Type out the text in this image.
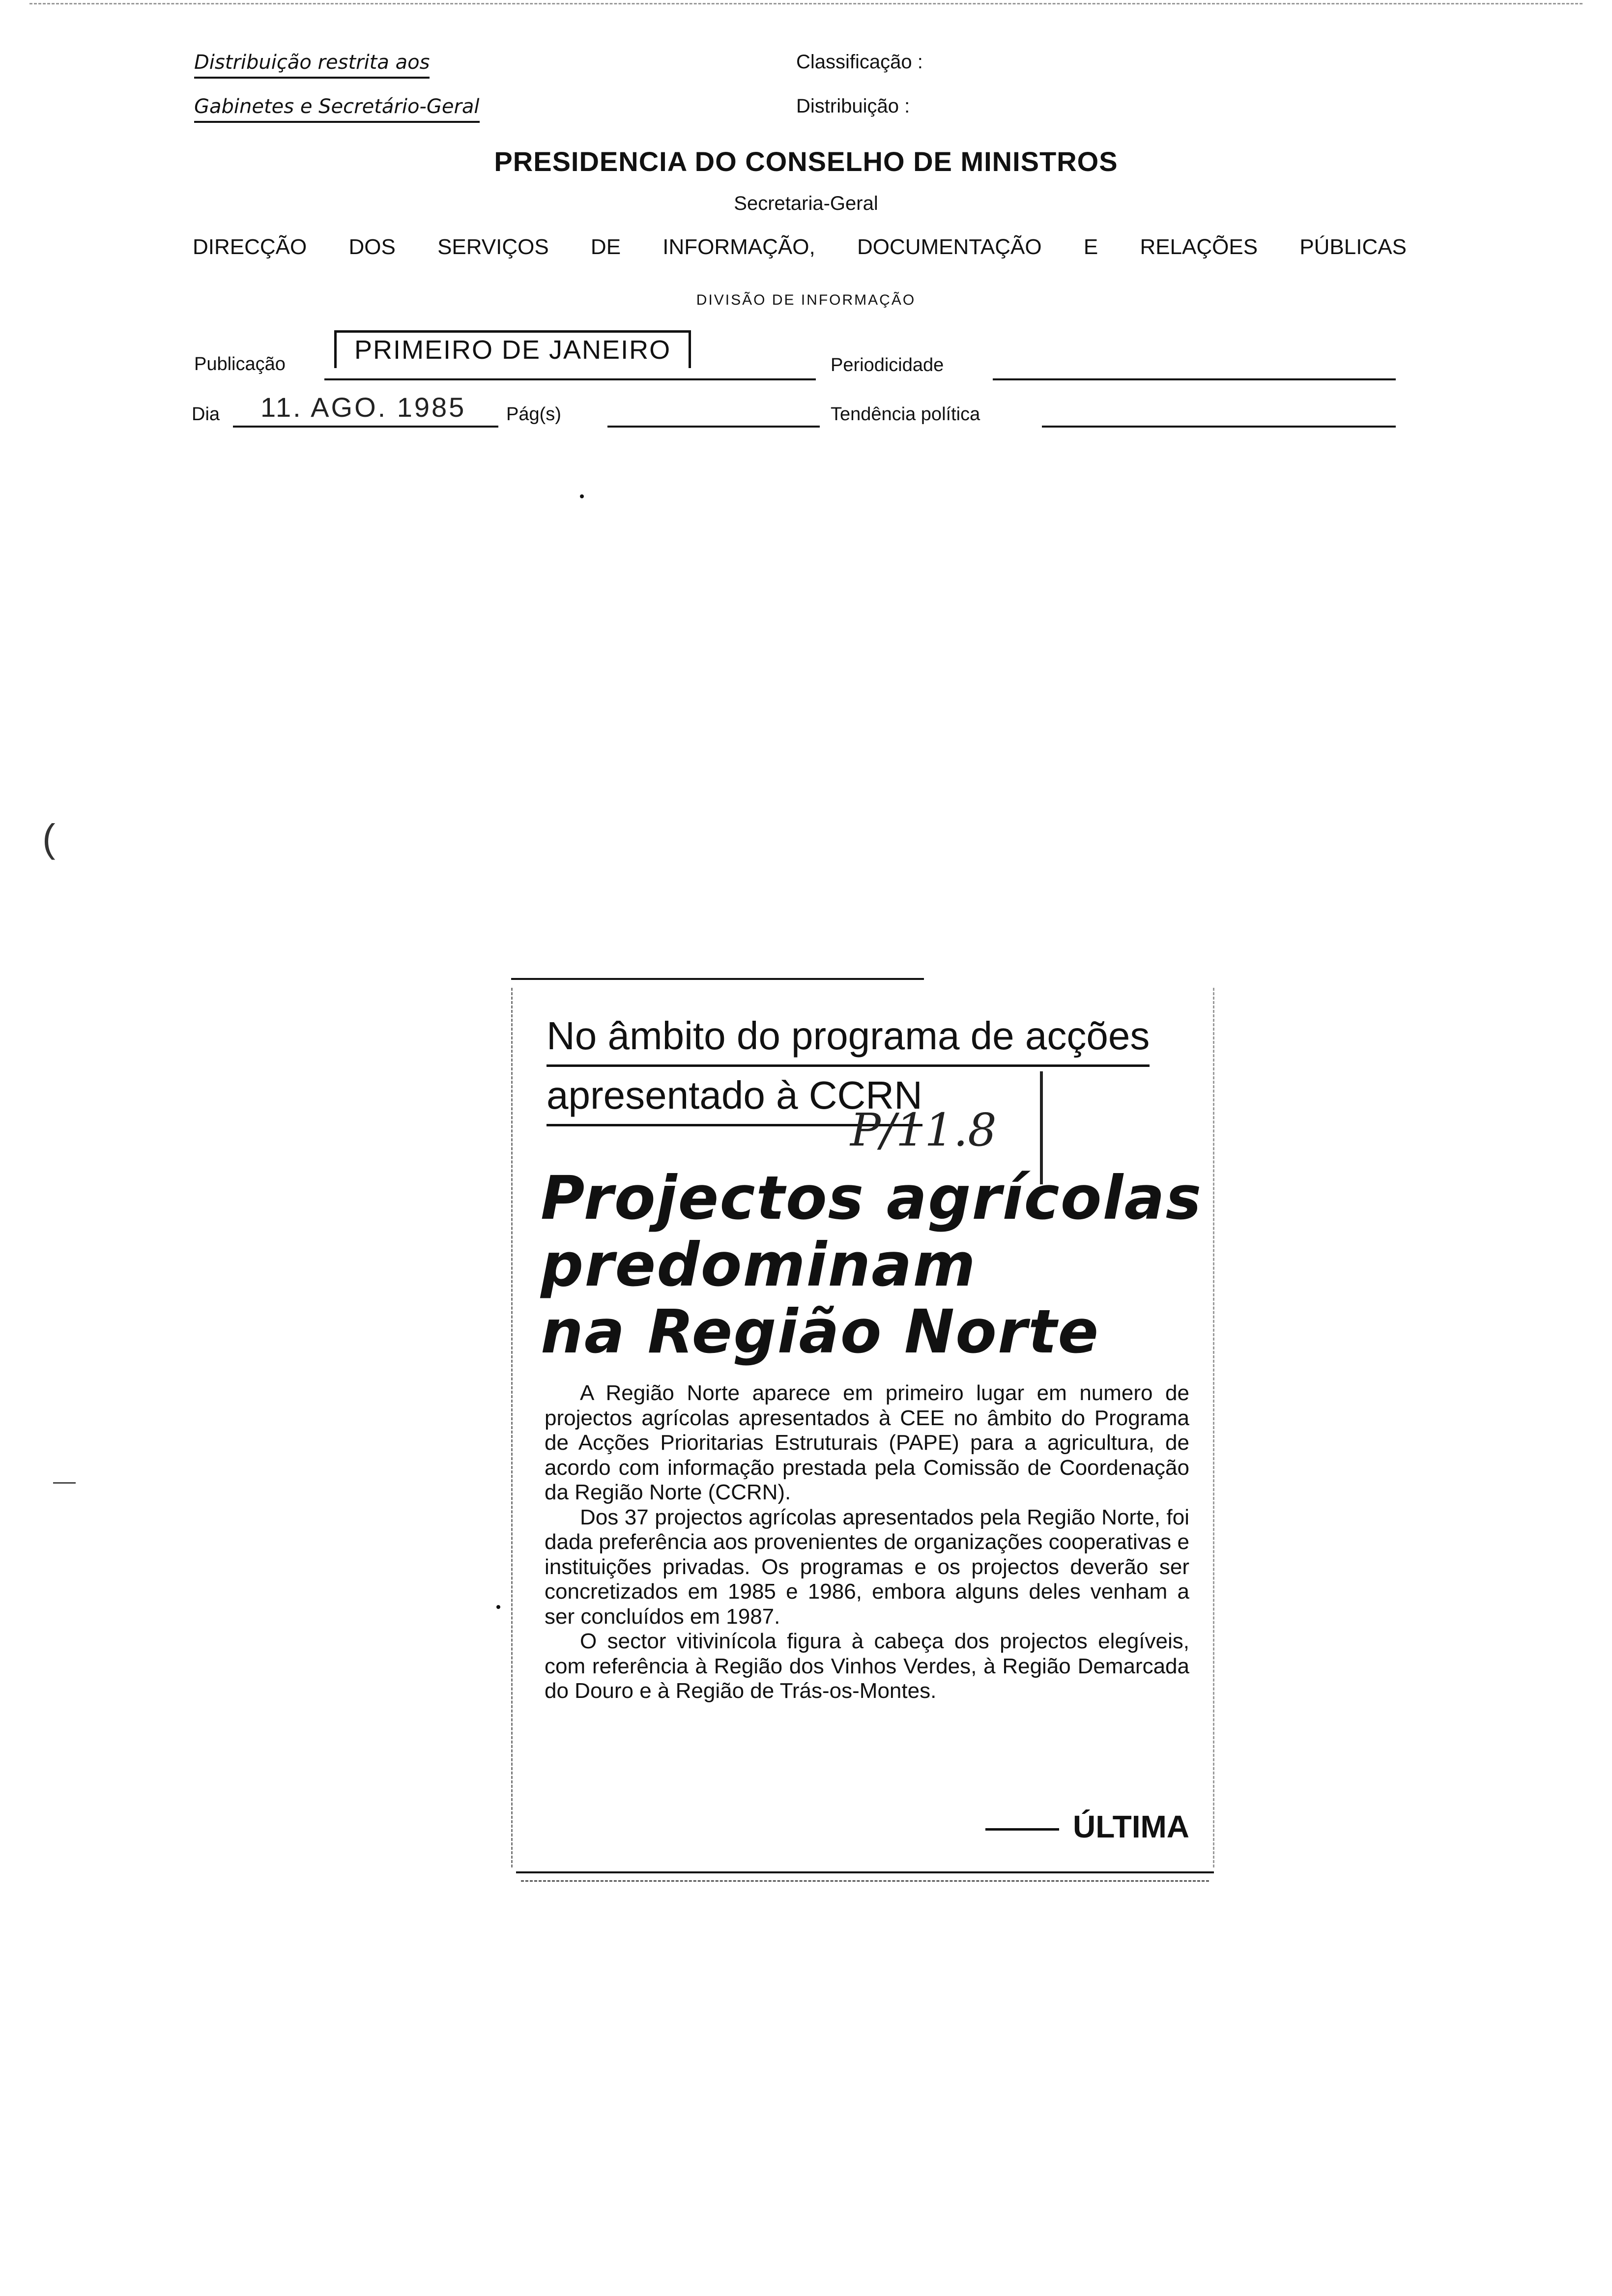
Distribuição restrita aos
Gabinetes e Secretário-Geral
Classificação :
Distribuição :
PRESIDENCIA DO CONSELHO DE MINISTROS
Secretaria-Geral
DIRECÇÃO DOS SERVIÇOS DE INFORMAÇÃO, DOCUMENTAÇÃO E RELAÇÕES PÚBLICAS
DIVISÃO DE INFORMAÇÃO
Publicação	PRIMEIRO DE JANEIRO
Periodicidade
Dia 11. AGO. 1985 Pág(s)	Tendência política
(
No âmbito do programa de acções
apresentado à CCRN
P/11.8
Projectos agrícolas
predominam
na Região Norte

A Região Norte aparece em primeiro lugar em numero de projectos agrícolas apresentados à CEE no âmbito do Programa de Acções Prioritarias Estruturais (PAPE) para a agricultura, de acordo com informação prestada pela Comissão de Coordenação da Região Norte (CCRN).

Dos 37 projectos agrícolas apresentados pela Região Norte, foi dada preferência aos provenientes de organizações cooperativas e instituições privadas. Os programas e os projectos deverão ser concretizados em 1985 e 1986, embora alguns deles venham a ser concluídos em 1987.

O sector vitivinícola figura à cabeça dos projectos elegíveis, com referência à Região dos Vinhos Verdes, à Região Demarcada do Douro e à Região de Trás-os-Montes.

ÚLTIMA
